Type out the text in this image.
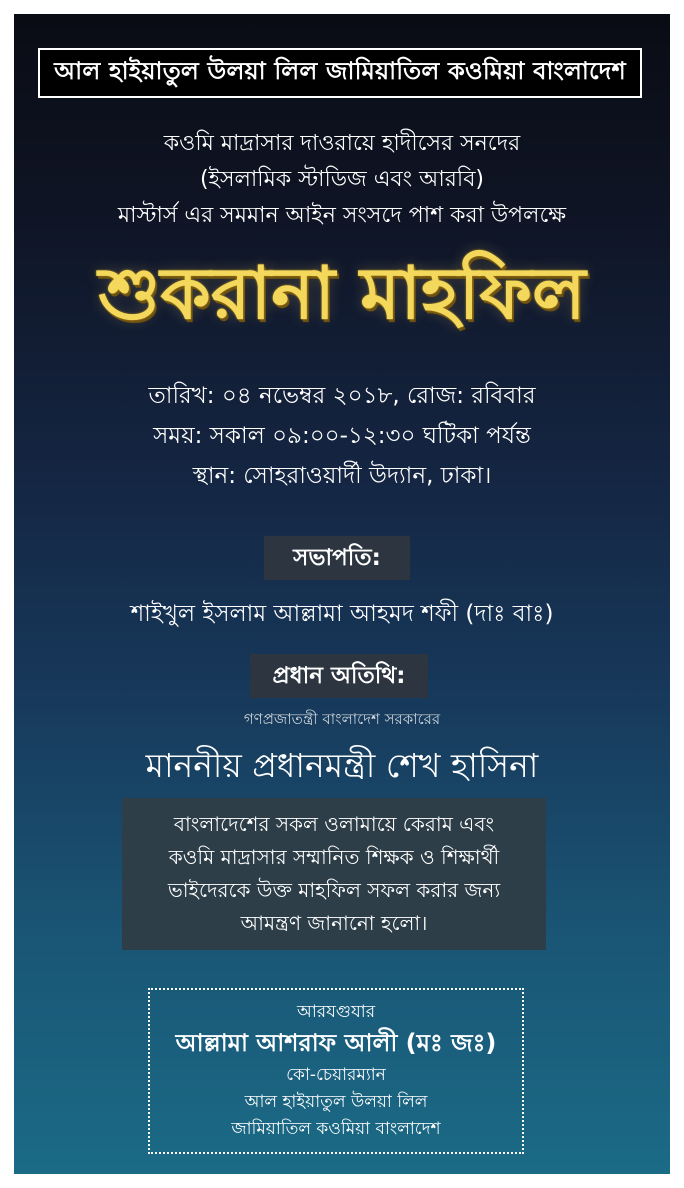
আল হাইয়াতুল উলয়া লিল জামিয়াতিল কওমিয়া বাংলাদেশ
কওমি মাদ্রাসার দাওরায়ে হাদীসের সনদের
(ইসলামিক স্টাডিজ এবং আরবি)
মাস্টার্স এর সমমান আইন সংসদে পাশ করা উপলক্ষে
শুকরানা মাহফিল
তারিখ: ০৪ নভেম্বর ২০১৮, রোজ: রবিবার
সময়: সকাল ০৯:০০-১২:৩০ ঘটিকা পর্যন্ত
স্থান: সোহরাওয়ার্দী উদ্যান, ঢাকা।
সভাপতি:
শাইখুল ইসলাম আল্লামা আহমদ শফী (দাঃ বাঃ)
প্রধান অতিথি:
গণপ্রজাতন্ত্রী বাংলাদেশ সরকারের
মাননীয় প্রধানমন্ত্রী শেখ হাসিনা
বাংলাদেশের সকল ওলামায়ে কেরাম এবং
কওমি মাদ্রাসার সম্মানিত শিক্ষক ও শিক্ষার্থী
ভাইদেরকে উক্ত মাহফিল সফল করার জন্য
আমন্ত্রণ জানানো হলো।
আরযগুযার
আল্লামা আশরাফ আলী (মঃ জঃ)
কো-চেয়ারম্যান
আল হাইয়াতুল উলয়া লিল
জামিয়াতিল কওমিয়া বাংলাদেশ
